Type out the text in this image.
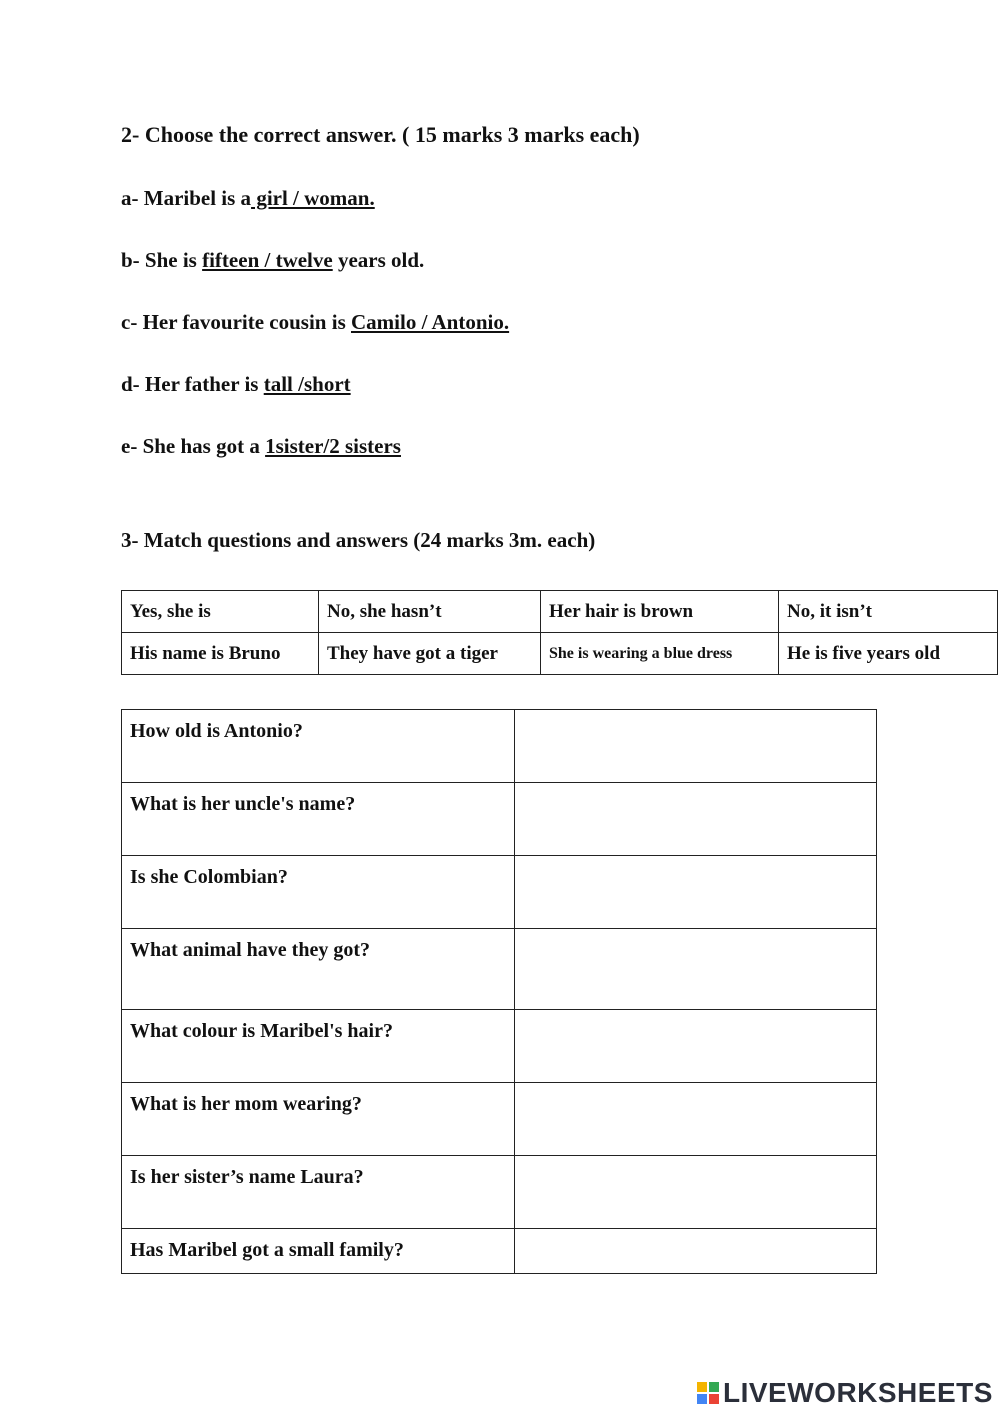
2- Choose the correct answer. ( 15 marks 3 marks each)
a- Maribel is a girl / woman.
b- She is fifteen / twelve years old.
c- Her favourite cousin is Camilo / Antonio.
d- Her father is tall /short
e- She has got a 1sister/2 sisters
3- Match questions and answers (24 marks 3m. each)
Yes, she is	No, she hasn’t	Her hair is brown	No, it isn’t
His name is Bruno	They have got a tiger	She is wearing a blue dress	He is five years old
How old is Antonio?	
What is her uncle's name?	
Is she Colombian?	
What animal have they got?	
What colour is Maribel's hair?	
What is her mom wearing?	
Is her sister’s name Laura?	
Has Maribel got a small family?	
LIVEWORKSHEETS
